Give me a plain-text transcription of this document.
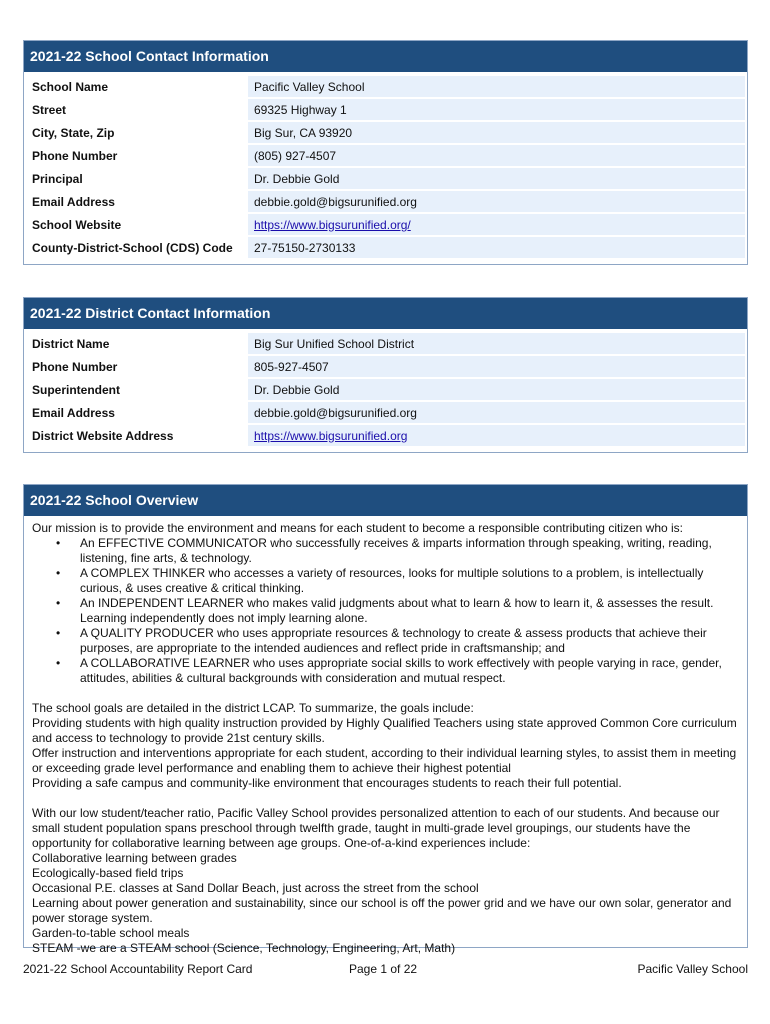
2021-22 School Contact Information
School Name	Pacific Valley School
Street	69325 Highway 1
City, State, Zip	Big Sur, CA 93920
Phone Number	(805) 927-4507
Principal	Dr. Debbie Gold
Email Address	debbie.gold@bigsurunified.org
School Website	https://www.bigsurunified.org/
County-District-School (CDS) Code	27-75150-2730133
2021-22 District Contact Information
District Name	Big Sur Unified School District
Phone Number	805-927-4507
Superintendent	Dr. Debbie Gold
Email Address	debbie.gold@bigsurunified.org
District Website Address	https://www.bigsurunified.org
2021-22 School Overview

Our mission is to provide the environment and means for each student to become a responsible contributing citizen who is:

• An EFFECTIVE COMMUNICATOR who successfully receives & imparts information through speaking, writing, reading, listening, fine arts, & technology.
• A COMPLEX THINKER who accesses a variety of resources, looks for multiple solutions to a problem, is intellectually curious, & uses creative & critical thinking.
• An INDEPENDENT LEARNER who makes valid judgments about what to learn & how to learn it, & assesses the result. Learning independently does not imply learning alone.
• A QUALITY PRODUCER who uses appropriate resources & technology to create & assess products that achieve their purposes, are appropriate to the intended audiences and reflect pride in craftsmanship; and
• A COLLABORATIVE LEARNER who uses appropriate social skills to work effectively with people varying in race, gender, attitudes, abilities & cultural backgrounds with consideration and mutual respect.

The school goals are detailed in the district LCAP. To summarize, the goals include:

Providing students with high quality instruction provided by Highly Qualified Teachers using state approved Common Core curriculum and access to technology to provide 21st century skills.

Offer instruction and interventions appropriate for each student, according to their individual learning styles, to assist them in meeting or exceeding grade level performance and enabling them to achieve their highest potential

Providing a safe campus and community-like environment that encourages students to reach their full potential.

With our low student/teacher ratio, Pacific Valley School provides personalized attention to each of our students. And because our small student population spans preschool through twelfth grade, taught in multi-grade level groupings, our students have the opportunity for collaborative learning between age groups. One-of-a-kind experiences include:

Collaborative learning between grades

Ecologically-based field trips

Occasional P.E. classes at Sand Dollar Beach, just across the street from the school

Learning about power generation and sustainability, since our school is off the power grid and we have our own solar, generator and power storage system.

Garden-to-table school meals

STEAM -we are a STEAM school (Science, Technology, Engineering, Art, Math)

2021-22 School Accountability Report Card	Page 1 of 22	Pacific Valley School
